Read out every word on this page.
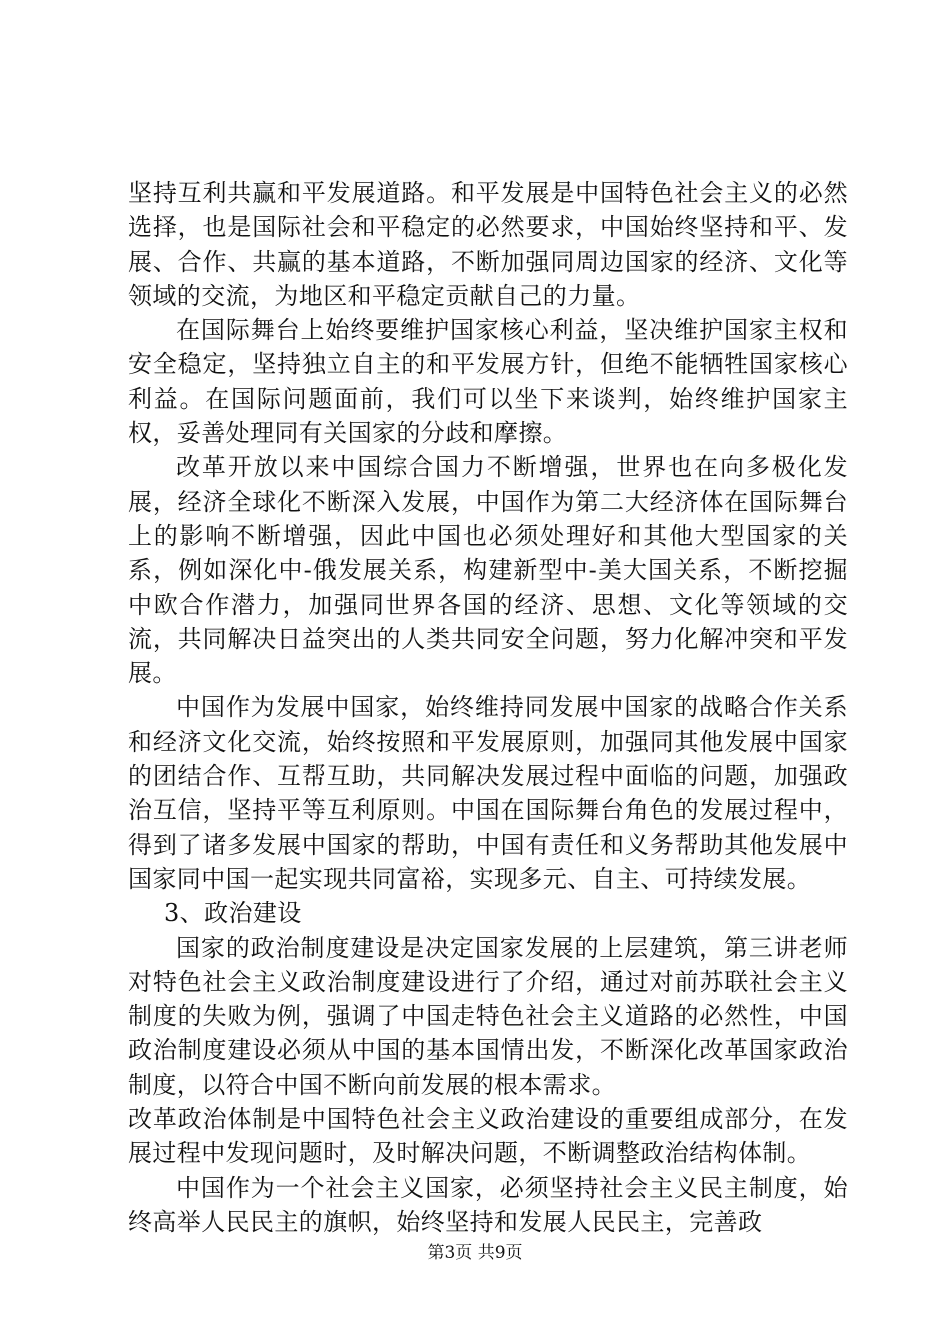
坚持互利共赢和平发展道路。和平发展是中国特色社会主义的必然选择，也是国际社会和平稳定的必然要求，中国始终坚持和平、发展、合作、共赢的基本道路，不断加强同周边国家的经济、文化等领域的交流，为地区和平稳定贡献自己的力量。

在国际舞台上始终要维护国家核心利益，坚决维护国家主权和安全稳定，坚持独立自主的和平发展方针，但绝不能牺牲国家核心利益。在国际问题面前，我们可以坐下来谈判，始终维护国家主权，妥善处理同有关国家的分歧和摩擦。

改革开放以来中国综合国力不断增强，世界也在向多极化发展，经济全球化不断深入发展，中国作为第二大经济体在国际舞台上的影响不断增强，因此中国也必须处理好和其他大型国家的关系，例如深化中-俄发展关系，构建新型中-美大国关系，不断挖掘中欧合作潜力，加强同世界各国的经济、思想、文化等领域的交流，共同解决日益突出的人类共同安全问题，努力化解冲突和平发展。

中国作为发展中国家，始终维持同发展中国家的战略合作关系和经济文化交流，始终按照和平发展原则，加强同其他发展中国家的团结合作、互帮互助，共同解决发展过程中面临的问题，加强政治互信，坚持平等互利原则。中国在国际舞台角色的发展过程中，得到了诸多发展中国家的帮助，中国有责任和义务帮助其他发展中国家同中国一起实现共同富裕，实现多元、自主、可持续发展。

3、政治建设

国家的政治制度建设是决定国家发展的上层建筑，第三讲老师对特色社会主义政治制度建设进行了介绍，通过对前苏联社会主义制度的失败为例，强调了中国走特色社会主义道路的必然性，中国政治制度建设必须从中国的基本国情出发，不断深化改革国家政治制度，以符合中国不断向前发展的根本需求。

改革政治体制是中国特色社会主义政治建设的重要组成部分，在发展过程中发现问题时，及时解决问题，不断调整政治结构体制。

中国作为一个社会主义国家，必须坚持社会主义民主制度，始终高举人民民主的旗帜，始终坚持和发展人民民主，完善政

第3页 共9页
